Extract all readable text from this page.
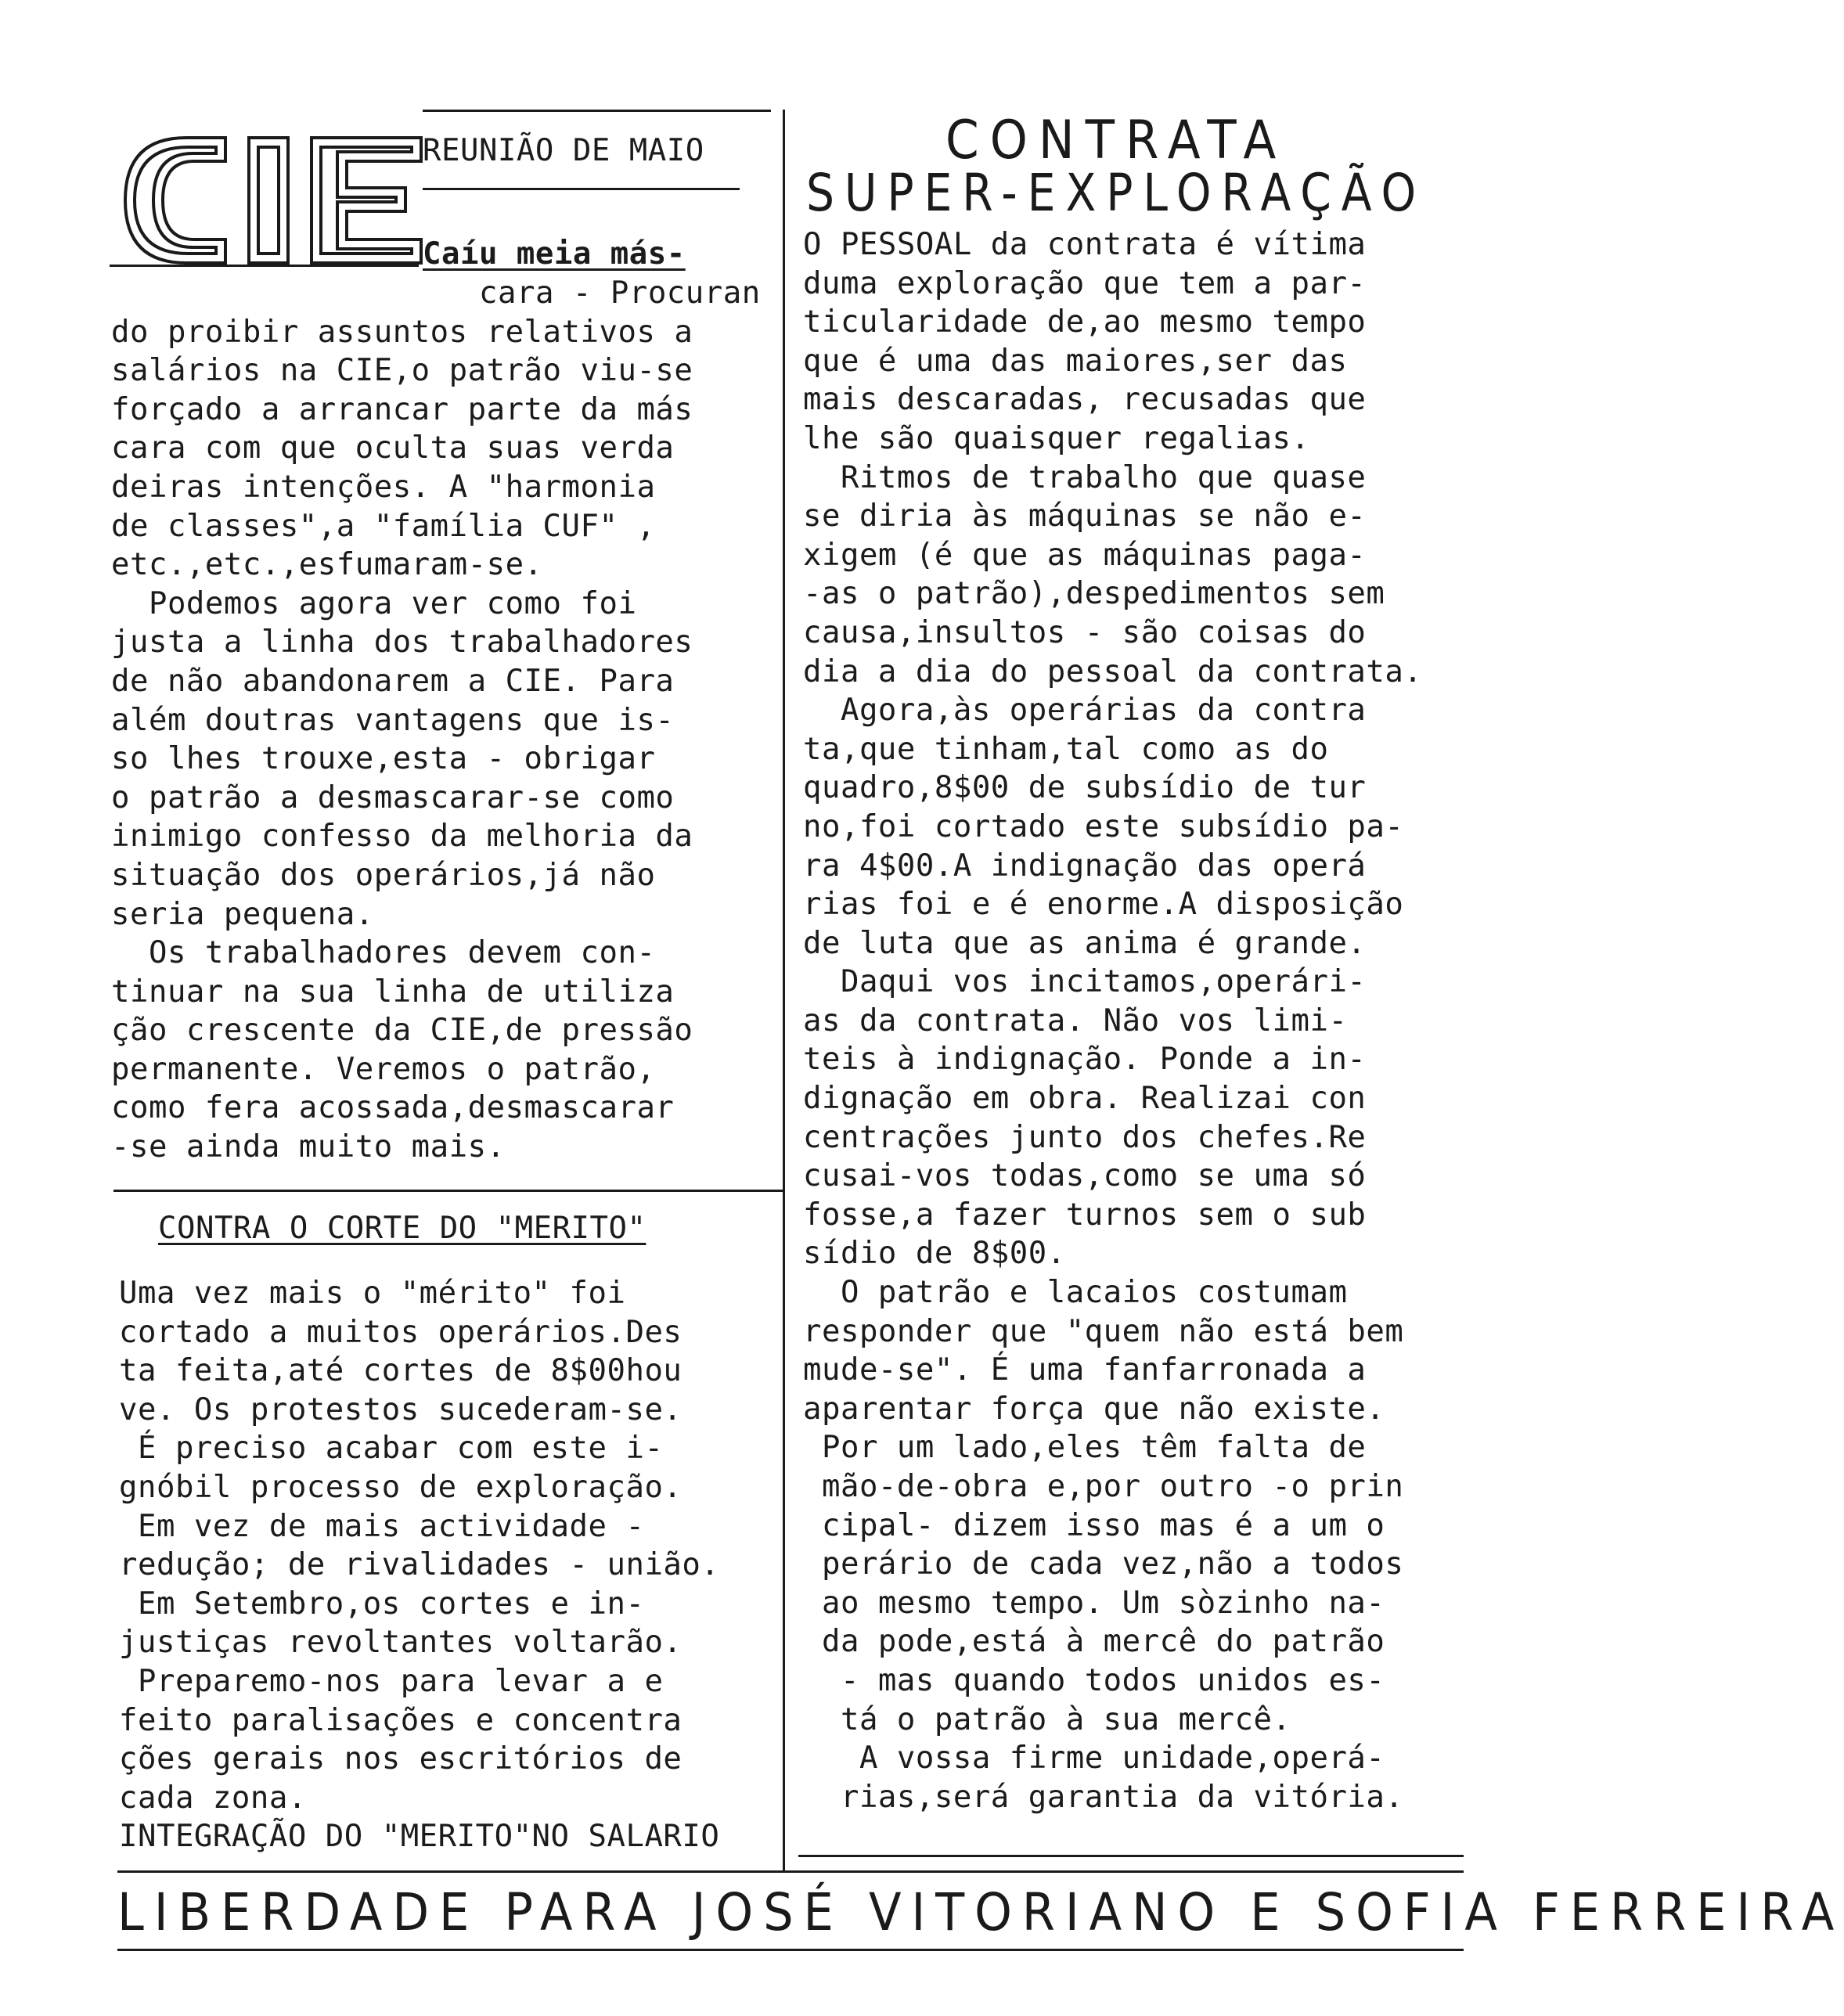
REUNIÃO DE MAIO
Caíu meia más-
cara - Procuran
do proibir assuntos relativos a
salários na CIE,o patrão viu-se
forçado a arrancar parte da más
cara com que oculta suas verda
deiras intenções. A "harmonia
de classes",a "família CUF" ,
etc.,etc.,esfumaram-se.
Podemos agora ver como foi
justa a linha dos trabalhadores
de não abandonarem a CIE. Para
além doutras vantagens que is-
so lhes trouxe,esta - obrigar
o patrão a desmascarar-se como
inimigo confesso da melhoria da
situação dos operários,já não
seria pequena.
Os trabalhadores devem con-
tinuar na sua linha de utiliza
ção crescente da CIE,de pressão
permanente. Veremos o patrão,
como fera acossada,desmascarar
-se ainda muito mais.
CONTRA O CORTE DO "MERITO"
Uma vez mais o "mérito" foi
cortado a muitos operários.Des
ta feita,até cortes de 8$00hou
ve. Os protestos sucederam-se.
É preciso acabar com este i-
gnóbil processo de exploração.
Em vez de mais actividade -
redução; de rivalidades - união.
Em Setembro,os cortes e in-
justiças revoltantes voltarão.
Preparemo-nos para levar a e
feito paralisações e concentra
ções gerais nos escritórios de
cada zona.
INTEGRAÇÃO DO "MERITO"NO SALARIO
CONTRATA
SUPER-EXPLORAÇÃO
O PESSOAL da contrata é vítima
duma exploração que tem a par-
ticularidade de,ao mesmo tempo
que é uma das maiores,ser das
mais descaradas, recusadas que
lhe são quaisquer regalias.
Ritmos de trabalho que quase
se diria às máquinas se não e-
xigem (é que as máquinas paga-
-as o patrão),despedimentos sem
causa,insultos - são coisas do
dia a dia do pessoal da contrata.
Agora,às operárias da contra
ta,que tinham,tal como as do
quadro,8$00 de subsídio de tur
no,foi cortado este subsídio pa-
ra 4$00.A indignação das operá
rias foi e é enorme.A disposição
de luta que as anima é grande.
Daqui vos incitamos,operári-
as da contrata. Não vos limi-
teis à indignação. Ponde a in-
dignação em obra. Realizai con
centrações junto dos chefes.Re
cusai-vos todas,como se uma só
fosse,a fazer turnos sem o sub
sídio de 8$00.
O patrão e lacaios costumam
responder que "quem não está bem
mude-se". É uma fanfarronada a
aparentar força que não existe.
Por um lado,eles têm falta de
mão-de-obra e,por outro -o prin
cipal- dizem isso mas é a um o
perário de cada vez,não a todos
ao mesmo tempo. Um sòzinho na-
da pode,está à mercê do patrão
- mas quando todos unidos es-
tá o patrão à sua mercê.
A vossa firme unidade,operá-
rias,será garantia da vitória.
LIBERDADE PARA JOSÉ VITORIANO E SOFIA FERREIRA
